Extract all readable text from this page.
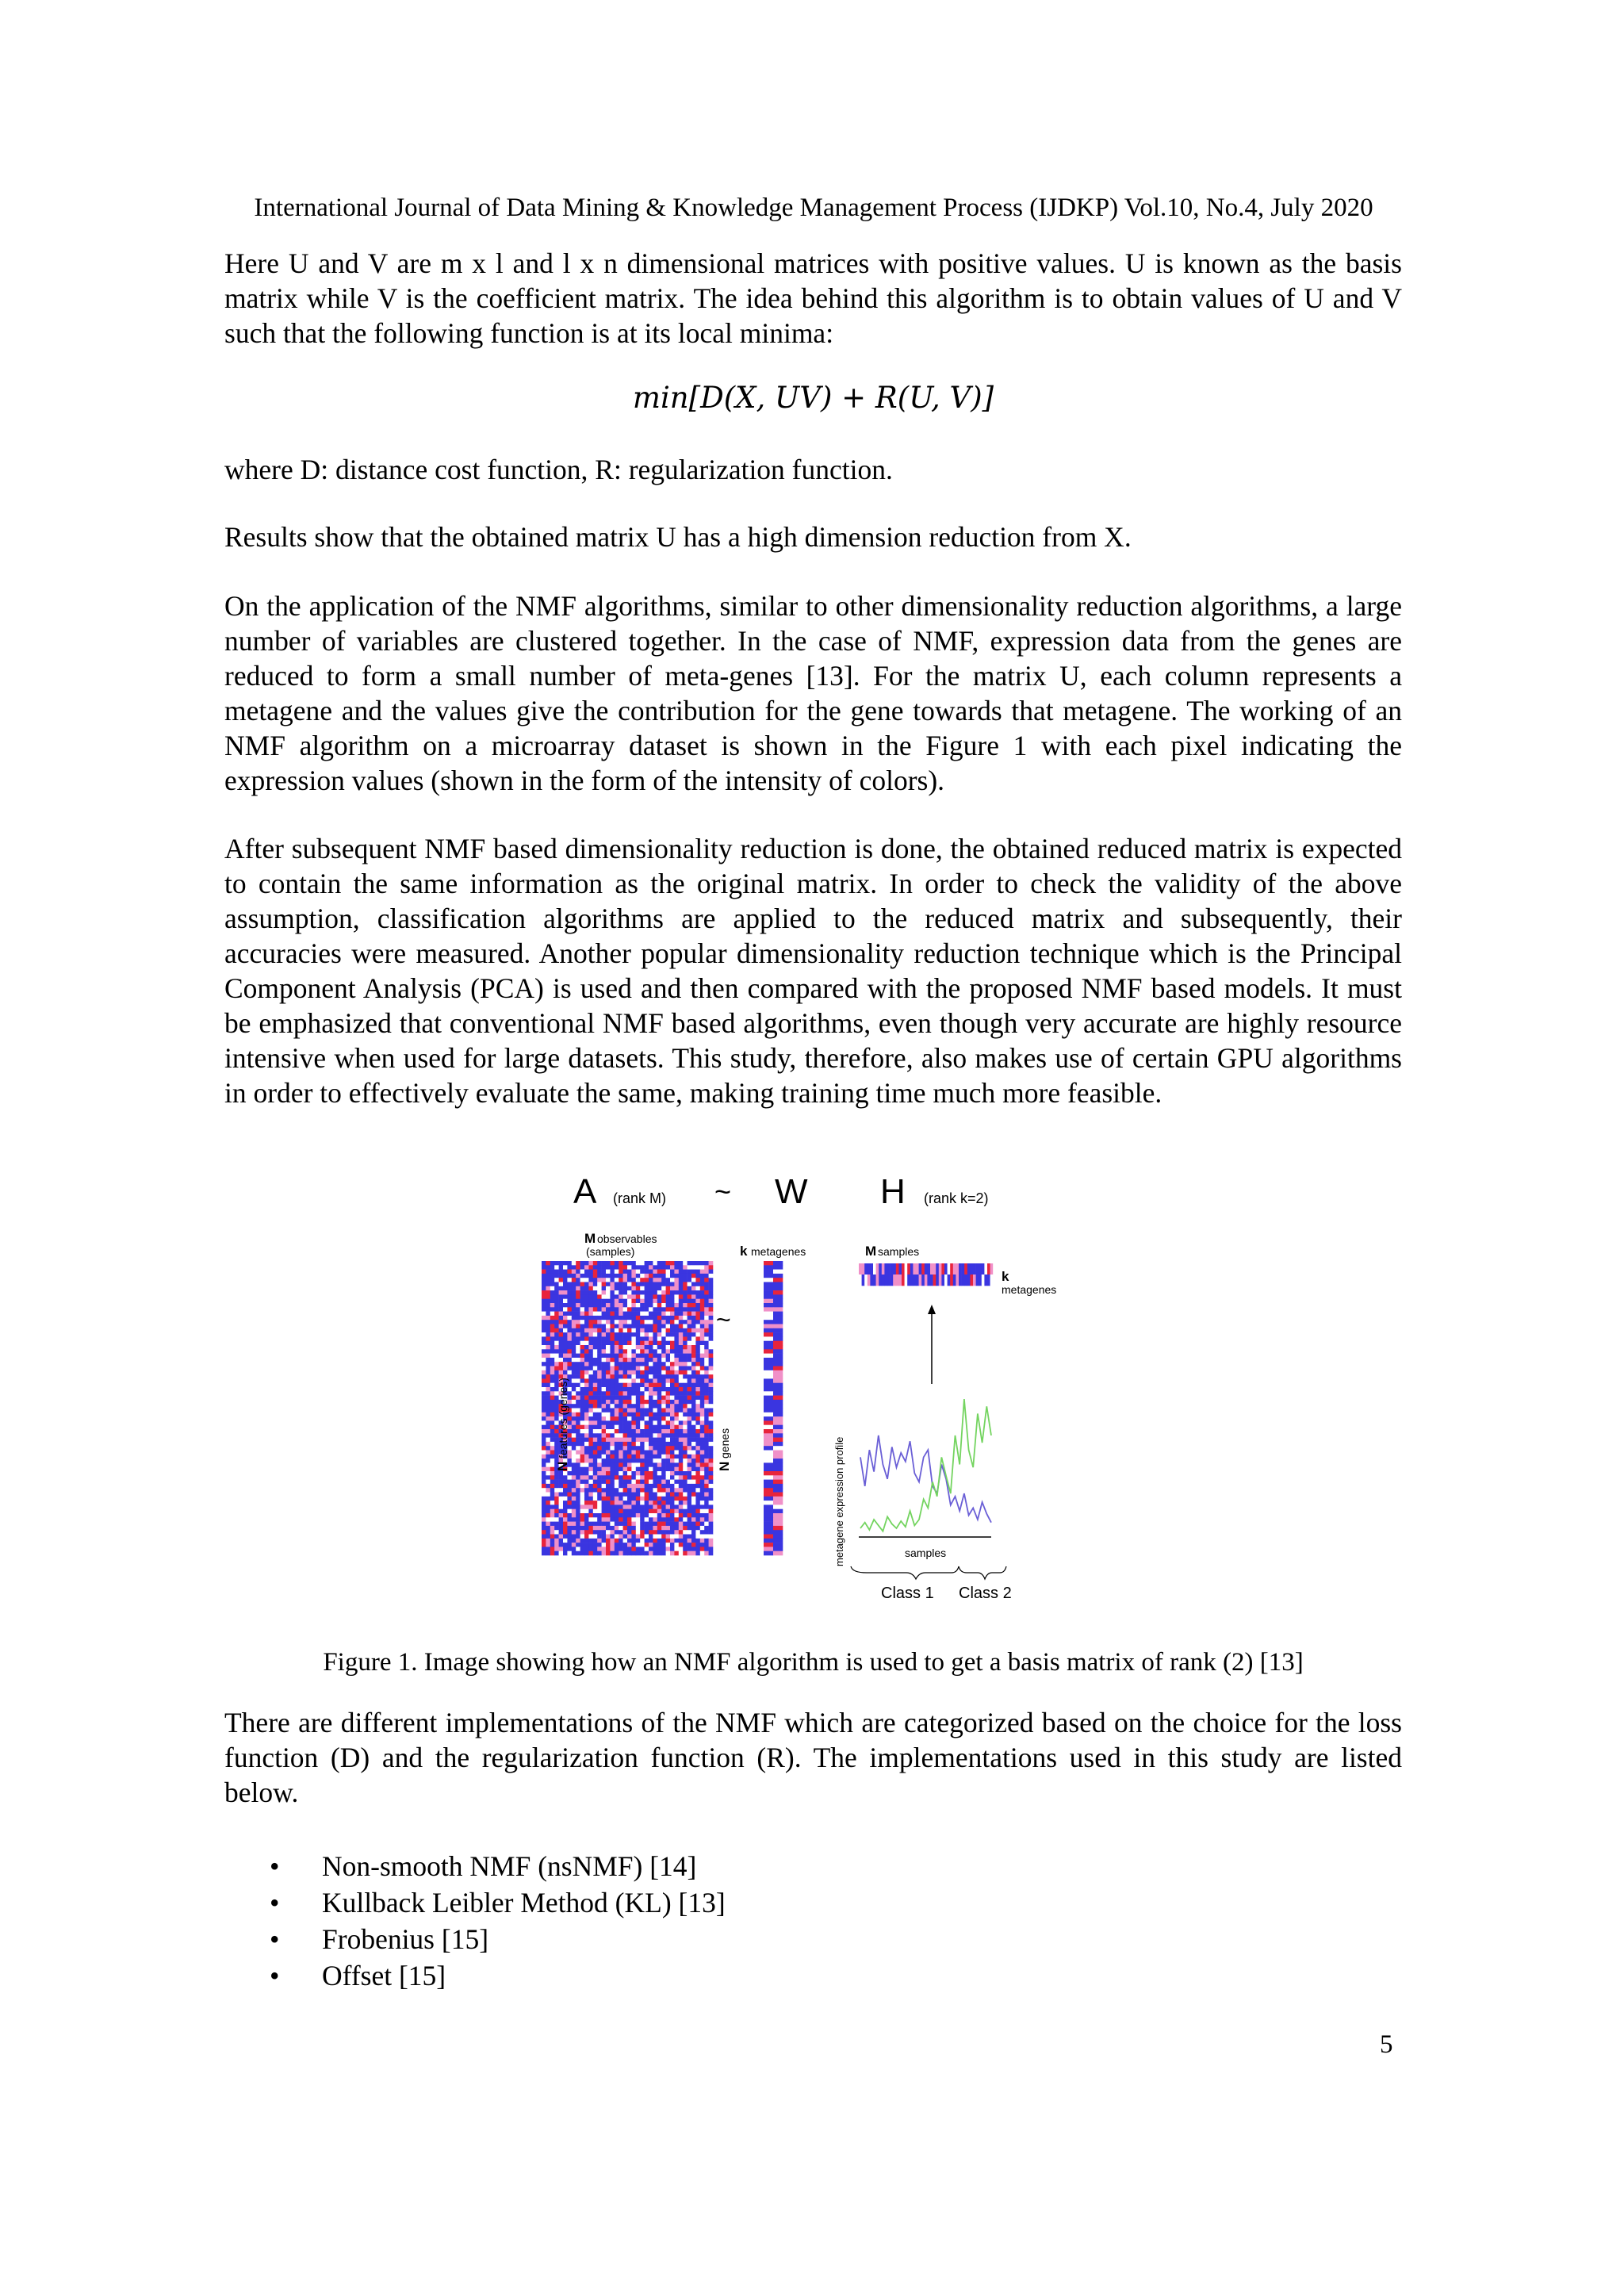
International Journal of Data Mining & Knowledge Management Process (IJDKP) Vol.10, No.4, July 2020

Here U and V are m x l and l x n dimensional matrices with positive values. U is known as the basis matrix while V is the coefficient matrix. The idea behind this algorithm is to obtain values of U and V such that the following function is at its local minima:

min[D(X, UV) + R(U, V)]

where D: distance cost function, R: regularization function.

Results show that the obtained matrix U has a high dimension reduction from X.

On the application of the NMF algorithms, similar to other dimensionality reduction algorithms, a large number of variables are clustered together. In the case of NMF, expression data from the genes are reduced to form a small number of meta-genes [13]. For the matrix U, each column represents a metagene and the values give the contribution for the gene towards that metagene. The working of an NMF algorithm on a microarray dataset is shown in the Figure 1 with each pixel indicating the expression values (shown in the form of the intensity of colors).

After subsequent NMF based dimensionality reduction is done, the obtained reduced matrix is expected to contain the same information as the original matrix. In order to check the validity of the above assumption, classification algorithms are applied to the reduced matrix and subsequently, their accuracies were measured. Another popular dimensionality reduction technique which is the Principal Component Analysis (PCA) is used and then compared with the proposed NMF based models. It must be emphasized that conventional NMF based algorithms, even though very accurate are highly resource intensive when used for large datasets. This study, therefore, also makes use of certain GPU algorithms in order to effectively evaluate the same, making training time much more feasible.

A (rank M) ~ W H (rank k=2)
M observables
(samples)	k metagenes	M samples
k
metagenes
~
N
features (genes)
N
genes	metagene expression profile	samples
Class 1 Class 2
Figure 1. Image showing how an NMF algorithm is used to get a basis matrix of rank (2) [13]

There are different implementations of the NMF which are categorized based on the choice for the loss function (D) and the regularization function (R). The implementations used in this study are listed below.

• Non-smooth NMF (nsNMF) [14]
• Kullback Leibler Method (KL) [13]
• Frobenius [15]
• Offset [15]
5
